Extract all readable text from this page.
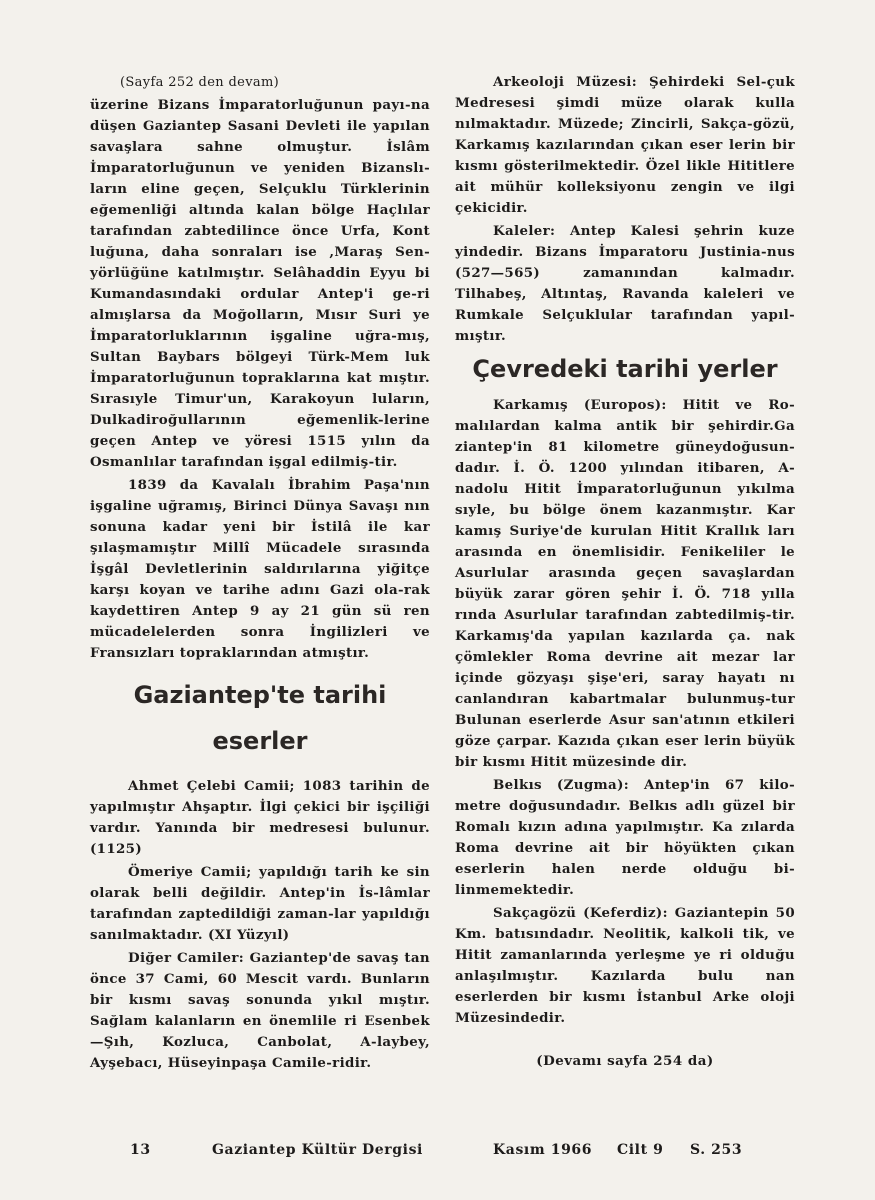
(Sayfa 252 den devam)

üzerine Bizans İmparatorluğunun payı-na düşen Gaziantep Sasani Devleti ile yapılan savaşlara sahne olmuştur. İslâm İmparatorluğunun ve yeniden Bizanslı-ların eline geçen, Selçuklu Türklerinin eğemenliği altında kalan bölge Haçlılar tarafından zabtedilince önce Urfa, Kont luğuna, daha sonraları ise ,Maraş Sen-yörlüğüne katılmıştır. Selâhaddin Eyyu bi Kumandasındaki ordular Antep'i ge-ri almışlarsa da Moğolların, Mısır Suri ye İmparatorluklarının işgaline uğra-mış, Sultan Baybars bölgeyi Türk-Mem luk İmparatorluğunun topraklarına kat mıştır. Sırasıyle Timur'un, Karakoyun luların, Dulkadiroğullarının eğemenlik-lerine geçen Antep ve yöresi 1515 yılın da Osmanlılar tarafından işgal edilmiş-tir.

1839 da Kavalalı İbrahim Paşa'nın işgaline uğramış, Birinci Dünya Savaşı nın sonuna kadar yeni bir İstilâ ile kar şılaşmamıştır Millî Mücadele sırasında İşgâl Devletlerinin saldırılarına yiğitçe karşı koyan ve tarihe adını Gazi ola-rak kaydettiren Antep 9 ay 21 gün sü ren mücadelelerden sonra İngilizleri ve Fransızları topraklarından atmıştır.

Gaziantep'te tarihi
eserler

Ahmet Çelebi Camii; 1083 tarihin de yapılmıştır Ahşaptır. İlgi çekici bir işçiliği vardır. Yanında bir medresesi bulunur. (1125)

Ömeriye Camii; yapıldığı tarih ke sin olarak belli değildir. Antep'in İs-lâmlar tarafından zaptedildiği zaman-lar yapıldığı sanılmaktadır. (XI Yüzyıl)

Diğer Camiler: Gaziantep'de savaş tan önce 37 Cami, 60 Mescit vardı. Bunların bir kısmı savaş sonunda yıkıl mıştır. Sağlam kalanların en önemlile ri Esenbek—Şıh, Kozluca, Canbolat, A-laybey, Ayşebacı, Hüseyinpaşa Camile-ridir.

Arkeoloji Müzesi: Şehirdeki Sel-çuk Medresesi şimdi müze olarak kulla nılmaktadır. Müzede; Zincirli, Sakça-gözü, Karkamış kazılarından çıkan eser lerin bir kısmı gösterilmektedir. Özel likle Hititlere ait mühür kolleksiyonu zengin ve ilgi çekicidir.

Kaleler: Antep Kalesi şehrin kuze yindedir. Bizans İmparatoru Justinia-nus (527—565) zamanından kalmadır. Tilhabeş, Altıntaş, Ravanda kaleleri ve Rumkale Selçuklular tarafından yapıl-mıştır.

Çevredeki tarihi yerler

Karkamış (Europos): Hitit ve Ro-malılardan kalma antik bir şehirdir.Ga ziantep'in 81 kilometre güneydoğusun-dadır. İ. Ö. 1200 yılından itibaren, A-nadolu Hitit İmparatorluğunun yıkılma sıyle, bu bölge önem kazanmıştır. Kar kamış Suriye'de kurulan Hitit Krallık ları arasında en önemlisidir. Fenikeliler le Asurlular arasında geçen savaşlardan büyük zarar gören şehir İ. Ö. 718 yılla rında Asurlular tarafından zabtedilmiş-tir. Karkamış'da yapılan kazılarda ça. nak çömlekler Roma devrine ait mezar lar içinde gözyaşı şişe'eri, saray hayatı nı canlandıran kabartmalar bulunmuş-tur Bulunan eserlerde Asur san'atının etkileri göze çarpar. Kazıda çıkan eser lerin büyük bir kısmı Hitit müzesinde dir.

Belkıs (Zugma): Antep'in 67 kilo-metre doğusundadır. Belkıs adlı güzel bir Romalı kızın adına yapılmıştır. Ka zılarda Roma devrine ait bir höyükten çıkan eserlerin halen nerde olduğu bi-linmemektedir.

Sakçagözü (Keferdiz): Gaziantepin 50 Km. batısındadır. Neolitik, kalkoli tik, ve Hitit zamanlarında yerleşme ye ri olduğu anlaşılmıştır. Kazılarda bulu nan eserlerden bir kısmı İstanbul Arke oloji Müzesindedir.

(Devamı sayfa 254 da)
13	Gaziantep Kültür Dergisi	Kasım 1966 Cilt 9 S. 253
